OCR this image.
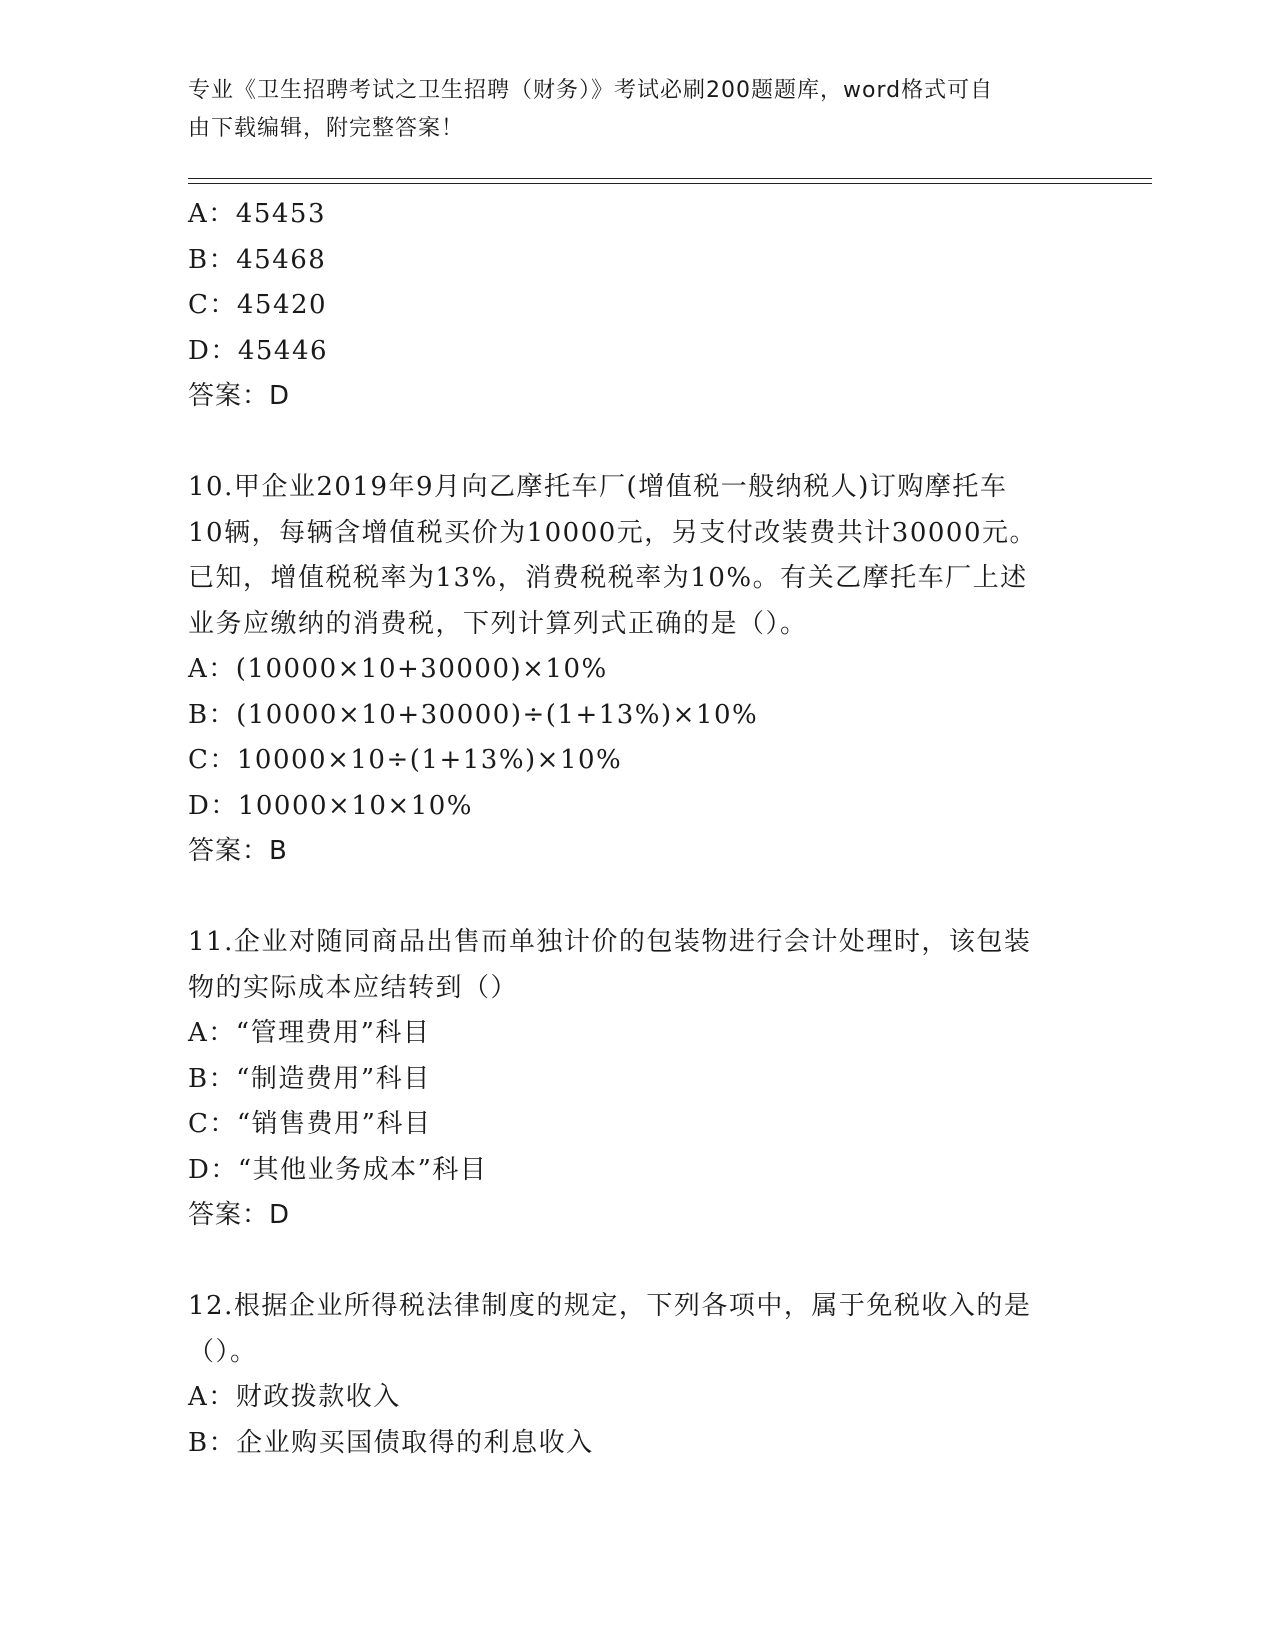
专业《卫生招聘考试之卫生招聘（财务）》考试必刷200题题库，word格式可自
由下载编辑，附完整答案！
A：45453
B：45468
C：45420
D：45446
答案：D
10.甲企业2019年9月向乙摩托车厂(增值税一般纳税人)订购摩托车
10辆，每辆含增值税买价为10000元，另支付改装费共计30000元。
已知，增值税税率为13%，消费税税率为10%。有关乙摩托车厂上述
业务应缴纳的消费税，下列计算列式正确的是（）。
A：(10000×10+30000)×10%
B：(10000×10+30000)÷(1+13%)×10%
C：10000×10÷(1+13%)×10%
D：10000×10×10%
答案：B
11.企业对随同商品出售而单独计价的包装物进行会计处理时，该包装
物的实际成本应结转到（）
A：“管理费用”科目
B：“制造费用”科目
C：“销售费用”科目
D：“其他业务成本”科目
答案：D
12.根据企业所得税法律制度的规定，下列各项中，属于免税收入的是
（）。
A：财政拨款收入
B：企业购买国债取得的利息收入
